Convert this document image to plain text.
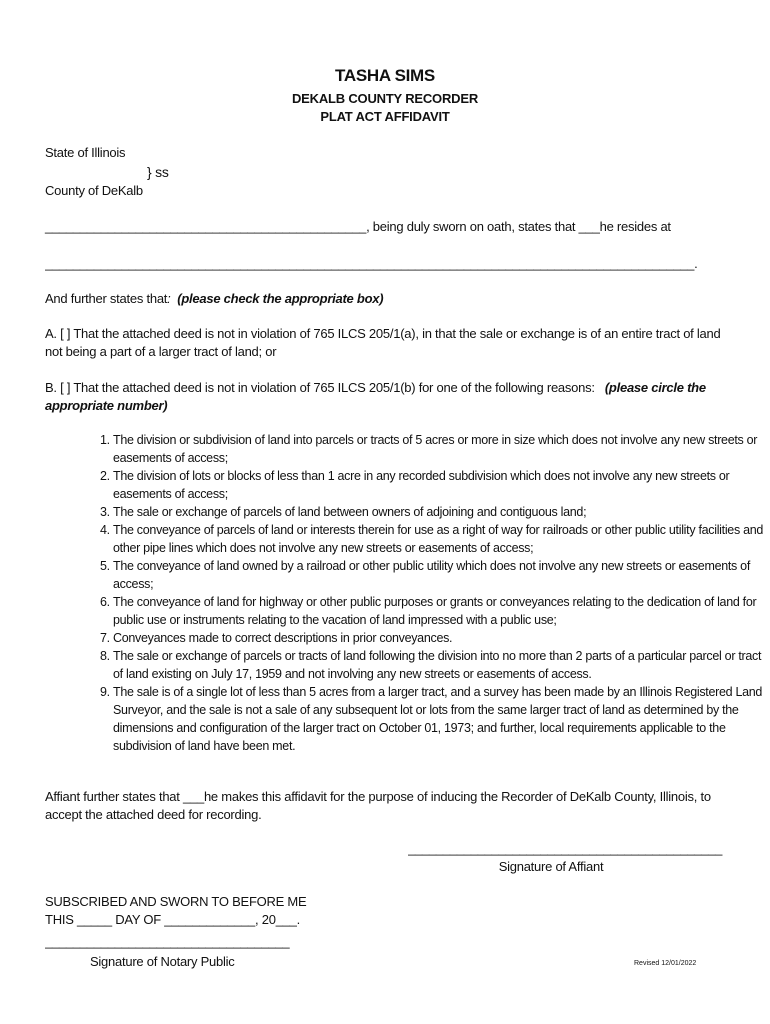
TASHA SIMS
DEKALB COUNTY RECORDER
PLAT ACT AFFIDAVIT
State of Illinois
} ss
County of DeKalb
______________________________________________, being duly sworn on oath, states that ___he resides at
_____________________________________________________________________________________________.
And further states that: (please check the appropriate box)
A. [ ] That the attached deed is not in violation of 765 ILCS 205/1(a), in that the sale or exchange is of an entire tract of land not being a part of a larger tract of land; or
B. [ ] That the attached deed is not in violation of 765 ILCS 205/1(b) for one of the following reasons: (please circle the appropriate number)
1. The division or subdivision of land into parcels or tracts of 5 acres or more in size which does not involve any new streets or easements of access;
2. The division of lots or blocks of less than 1 acre in any recorded subdivision which does not involve any new streets or easements of access;
3. The sale or exchange of parcels of land between owners of adjoining and contiguous land;
4. The conveyance of parcels of land or interests therein for use as a right of way for railroads or other public utility facilities and other pipe lines which does not involve any new streets or easements of access;
5. The conveyance of land owned by a railroad or other public utility which does not involve any new streets or easements of access;
6. The conveyance of land for highway or other public purposes or grants or conveyances relating to the dedication of land for public use or instruments relating to the vacation of land impressed with a public use;
7. Conveyances made to correct descriptions in prior conveyances.
8. The sale or exchange of parcels or tracts of land following the division into no more than 2 parts of a particular parcel or tract of land existing on July 17, 1959 and not involving any new streets or easements of access.
9. The sale is of a single lot of less than 5 acres from a larger tract, and a survey has been made by an Illinois Registered Land Surveyor, and the sale is not a sale of any subsequent lot or lots from the same larger tract of land as determined by the dimensions and configuration of the larger tract on October 01, 1973; and further, local requirements applicable to the subdivision of land have been met.
Affiant further states that ___he makes this affidavit for the purpose of inducing the Recorder of DeKalb County, Illinois, to accept the attached deed for recording.
_____________________________________________
Signature of Affiant
SUBSCRIBED AND SWORN TO BEFORE ME
THIS _____ DAY OF _____________, 20___.
___________________________________
Signature of Notary Public	Revised 12/01/2022
